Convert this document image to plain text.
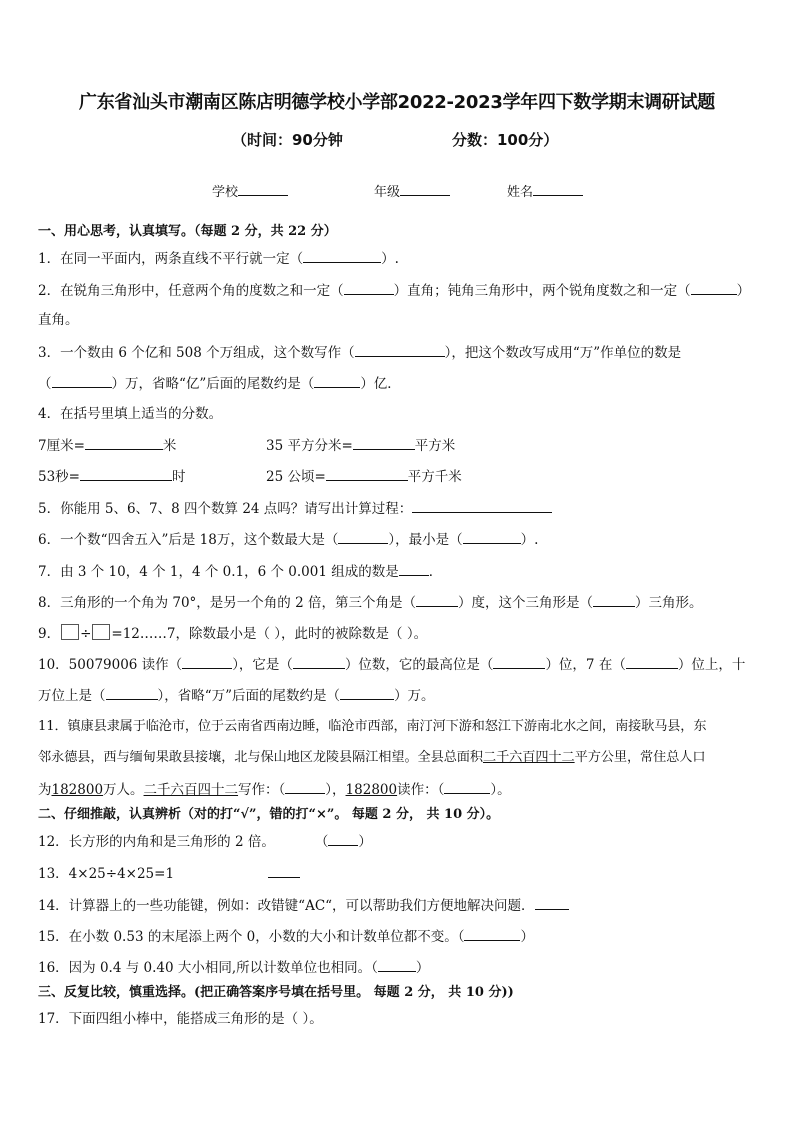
广东省汕头市潮南区陈店明德学校小学部2022-2023学年四下数学期末调研试题
（时间：90分钟	分数：100分）
学校	年级	姓名
一、用心思考，认真填写。（每题 2 分，共 22 分）
1．在同一平面内，两条直线不平行就一定（	）.
2．在锐角三角形中，任意两个角的度数之和一定（	）直角；钝角三角形中，两个锐角度数之和一定（	）
直角。
3．一个数由 6 个亿和 508 个万组成，这个数写作（	），把这个数改写成用“万”作单位的数是
（	）万，省略“亿”后面的尾数约是（	）亿．
4．在括号里填上适当的分数。
7厘米=	米	35 平方分米=	平方米
53秒=	时	25 公顷=	平方千米
5．你能用 5、6、7、8 四个数算 24 点吗？请写出计算过程：
6．一个数“四舍五入”后是 18万，这个数最大是（	），最小是（	）.
7．由 3 个 10，4 个 1，4 个 0.1，6 个 0.001 组成的数是 ．
8．三角形的一个角为 70°，是另一个角的 2 倍，第三个角是（	）度，这个三角形是（	）三角形。
9． ÷ =12……7，除数最小是（ ），此时的被除数是（ ）。
10．50079006 读作（	），它是（	）位数，它的最高位是（	）位，7 在（	）位上，十
万位上是（	），省略“万”后面的尾数约是（	）万。
11．镇康县隶属于临沧市，位于云南省西南边睡，临沧市西部，南汀河下游和怒江下游南北水之间，南接耿马县，东
邻永德县，西与缅甸果敢县接壤，北与保山地区龙陵县隔江相望。全县总面积二千六百四十二平方公里，常住总人口
为182800万人。二千六百四十二写作：（	），182800读作：（	）。
二、仔细推敲，认真辨析（对的打“√”，错的打“×”。 每题 2 分， 共 10 分）。
12．长方形的内角和是三角形的 2 倍。	（ ）
13．4×25÷4×25=1
14．计算器上的一些功能键，例如：改错键“AC“，可以帮助我们方便地解决问题．
15．在小数 0.53 的末尾添上两个 0，小数的大小和计数单位都不变。（	）
16．因为 0.4 与 0.40 大小相同,所以计数单位也相同。（	）
三、反复比较，慎重选择。(把正确答案序号填在括号里。 每题 2 分， 共 10 分))
17．下面四组小棒中，能搭成三角形的是（ ）。
